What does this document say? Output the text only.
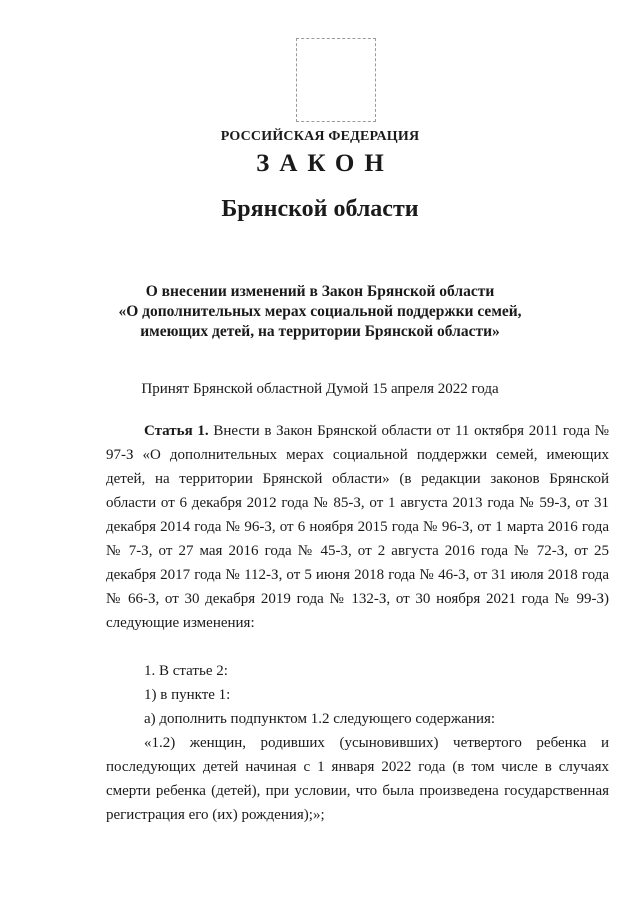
РОССИЙСКАЯ ФЕДЕРАЦИЯ
ЗАКОН
Брянской области
О внесении изменений в Закон Брянской области
«О дополнительных мерах социальной поддержки семей,
имеющих детей, на территории Брянской области»
Принят Брянской областной Думой 15 апреля 2022 года
Статья 1. Внести в Закон Брянской области от 11 октября 2011 года № 97-З «О дополнительных мерах социальной поддержки семей, имеющих детей, на территории Брянской области» (в редакции законов Брянской области от 6 декабря 2012 года № 85-З, от 1 августа 2013 года № 59-З, от 31 декабря 2014 года № 96-З, от 6 ноября 2015 года № 96-З, от 1 марта 2016 года № 7-З, от 27 мая 2016 года № 45-З, от 2 августа 2016 года № 72-З, от 25 декабря 2017 года № 112-З, от 5 июня 2018 года № 46-З, от 31 июля 2018 года № 66-З, от 30 декабря 2019 года № 132-З, от 30 ноября 2021 года № 99-З) следующие изменения:
1. В статье 2:
1) в пункте 1:
а) дополнить подпунктом 1.2 следующего содержания:
«1.2) женщин, родивших (усыновивших) четвертого ребенка и последующих детей начиная с 1 января 2022 года (в том числе в случаях смерти ребенка (детей), при условии, что была произведена государственная регистрация его (их) рождения);»;
